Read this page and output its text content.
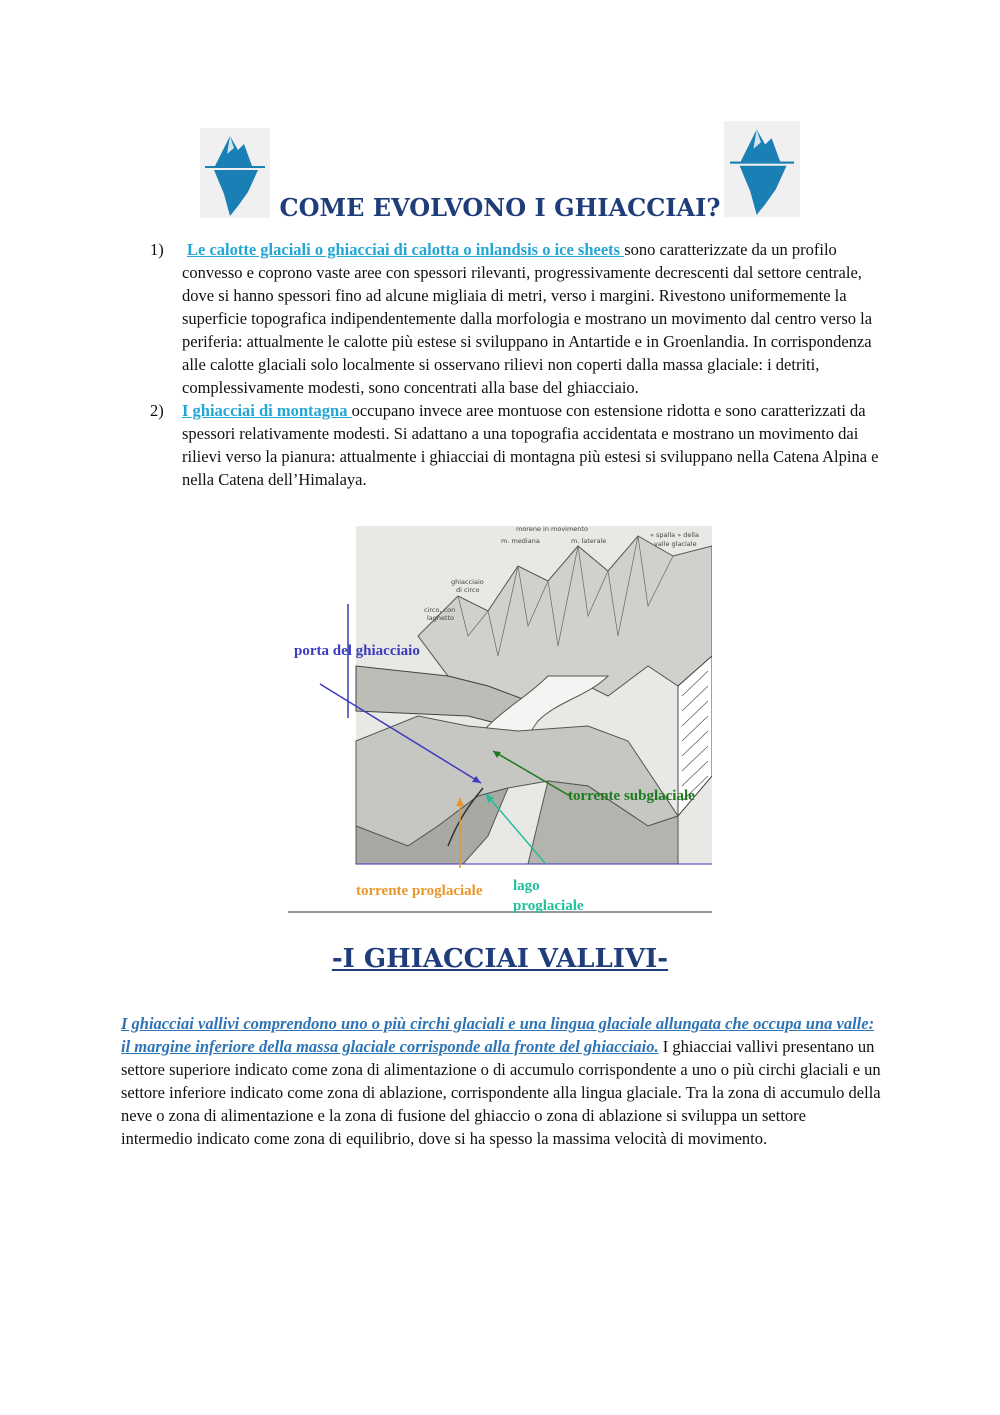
COME EVOLVONO I GHIACCIAI?
1) Le calotte glaciali o ghiacciai di calotta o inlandsis o ice sheets sono caratterizzate da un profilo convesso e coprono vaste aree con spessori rilevanti, progressivamente decrescenti dal settore centrale, dove si hanno spessori fino ad alcune migliaia di metri, verso i margini. Rivestono uniformemente la superficie topografica indipendentemente dalla morfologia e mostrano un movimento dal centro verso la periferia: attualmente le calotte più estese si sviluppano in Antartide e in Groenlandia. In corrispondenza alle calotte glaciali solo localmente si osservano rilievi non coperti dalla massa glaciale: i detriti, complessivamente modesti, sono concentrati alla base del ghiacciaio.
2) I ghiacciai di montagna occupano invece aree montuose con estensione ridotta e sono caratterizzati da spessori relativamente modesti. Si adattano a una topografia accidentata e mostrano un movimento dai rilievi verso la pianura: attualmente i ghiacciai di montagna più estesi si sviluppano nella Catena Alpina e nella Catena dell’Himalaya.
morene in movimento
m. mediana	m. laterale
« spalla » della
valle glaciale
ghiacciaio
di circo
circo, con
laghetto
porta del ghiacciaio
torrente subglaciale
torrente proglaciale lago proglaciale
-I GHIACCIAI VALLIVI-

I ghiacciai vallivi comprendono uno o più circhi glaciali e una lingua glaciale allungata che occupa una valle: il margine inferiore della massa glaciale corrisponde alla fronte del ghiacciaio. I ghiacciai vallivi presentano un settore superiore indicato come zona di alimentazione o di accumulo corrispondente a uno o più circhi glaciali e un settore inferiore indicato come zona di ablazione, corrispondente alla lingua glaciale. Tra la zona di accumulo della neve o zona di alimentazione e la zona di fusione del ghiaccio o zona di ablazione si sviluppa un settore intermedio indicato come zona di equilibrio, dove si ha spesso la massima velocità di movimento.
